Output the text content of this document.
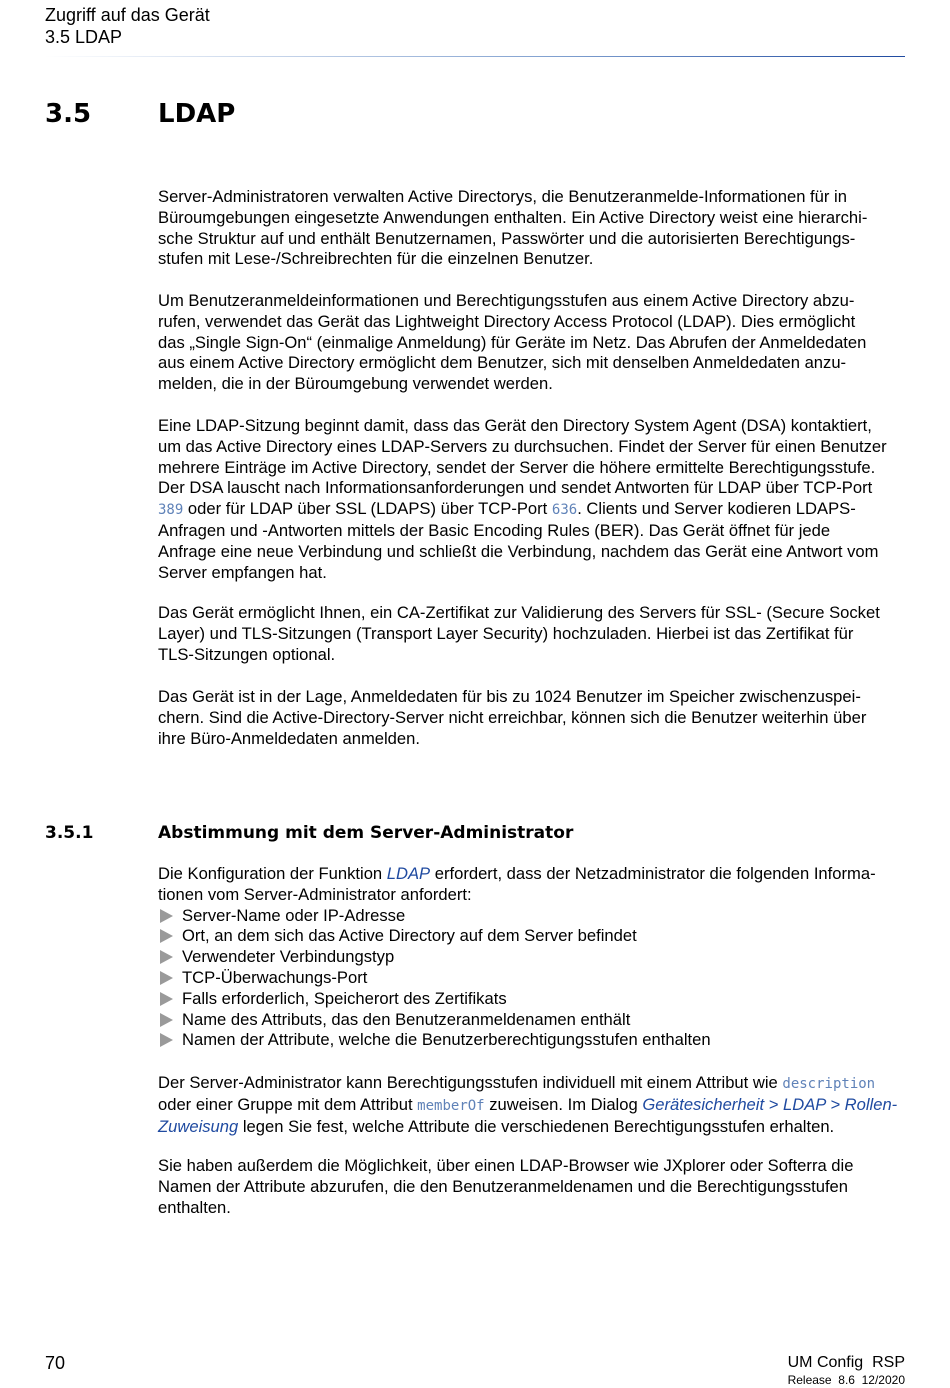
Zugriff auf das Gerät
3.5 LDAP
3.5	LDAP
Server-Administratoren verwalten Active Directorys, die Benutzeranmelde-Informationen für in
Büroumgebungen eingesetzte Anwendungen enthalten. Ein Active Directory weist eine hierarchi-
sche Struktur auf und enthält Benutzernamen, Passwörter und die autorisierten Berechtigungs-
stufen mit Lese-/Schreibrechten für die einzelnen Benutzer.
Um Benutzeranmeldeinformationen und Berechtigungsstufen aus einem Active Directory abzu-
rufen, verwendet das Gerät das Lightweight Directory Access Protocol (LDAP). Dies ermöglicht
das „Single Sign-On“ (einmalige Anmeldung) für Geräte im Netz. Das Abrufen der Anmeldedaten
aus einem Active Directory ermöglicht dem Benutzer, sich mit denselben Anmeldedaten anzu-
melden, die in der Büroumgebung verwendet werden.
Eine LDAP-Sitzung beginnt damit, dass das Gerät den Directory System Agent (DSA) kontaktiert,
um das Active Directory eines LDAP-Servers zu durchsuchen. Findet der Server für einen Benutzer
mehrere Einträge im Active Directory, sendet der Server die höhere ermittelte Berechtigungsstufe.
Der DSA lauscht nach Informationsanforderungen und sendet Antworten für LDAP über TCP-Port
389 oder für LDAP über SSL (LDAPS) über TCP-Port 636. Clients und Server kodieren LDAPS-
Anfragen und -Antworten mittels der Basic Encoding Rules (BER). Das Gerät öffnet für jede
Anfrage eine neue Verbindung und schließt die Verbindung, nachdem das Gerät eine Antwort vom
Server empfangen hat.
Das Gerät ermöglicht Ihnen, ein CA-Zertifikat zur Validierung des Servers für SSL- (Secure Socket
Layer) und TLS-Sitzungen (Transport Layer Security) hochzuladen. Hierbei ist das Zertifikat für
TLS-Sitzungen optional.
Das Gerät ist in der Lage, Anmeldedaten für bis zu 1024 Benutzer im Speicher zwischenzuspei-
chern. Sind die Active-Directory-Server nicht erreichbar, können sich die Benutzer weiterhin über
ihre Büro-Anmeldedaten anmelden.
3.5.1	Abstimmung mit dem Server-Administrator
Die Konfiguration der Funktion LDAP erfordert, dass der Netzadministrator die folgenden Informa-
tionen vom Server-Administrator anfordert:
Server-Name oder IP-Adresse
Ort, an dem sich das Active Directory auf dem Server befindet
Verwendeter Verbindungstyp
TCP-Überwachungs-Port
Falls erforderlich, Speicherort des Zertifikats
Name des Attributs, das den Benutzeranmeldenamen enthält
Namen der Attribute, welche die Benutzerberechtigungsstufen enthalten
Der Server-Administrator kann Berechtigungsstufen individuell mit einem Attribut wie description
oder einer Gruppe mit dem Attribut memberOf zuweisen. Im Dialog Gerätesicherheit > LDAP > Rollen-
Zuweisung legen Sie fest, welche Attribute die verschiedenen Berechtigungsstufen erhalten.
Sie haben außerdem die Möglichkeit, über einen LDAP-Browser wie JXplorer oder Softerra die
Namen der Attribute abzurufen, die den Benutzeranmeldenamen und die Berechtigungsstufen
enthalten.
70	UM Config  RSP
Release  8.6  12/2020
